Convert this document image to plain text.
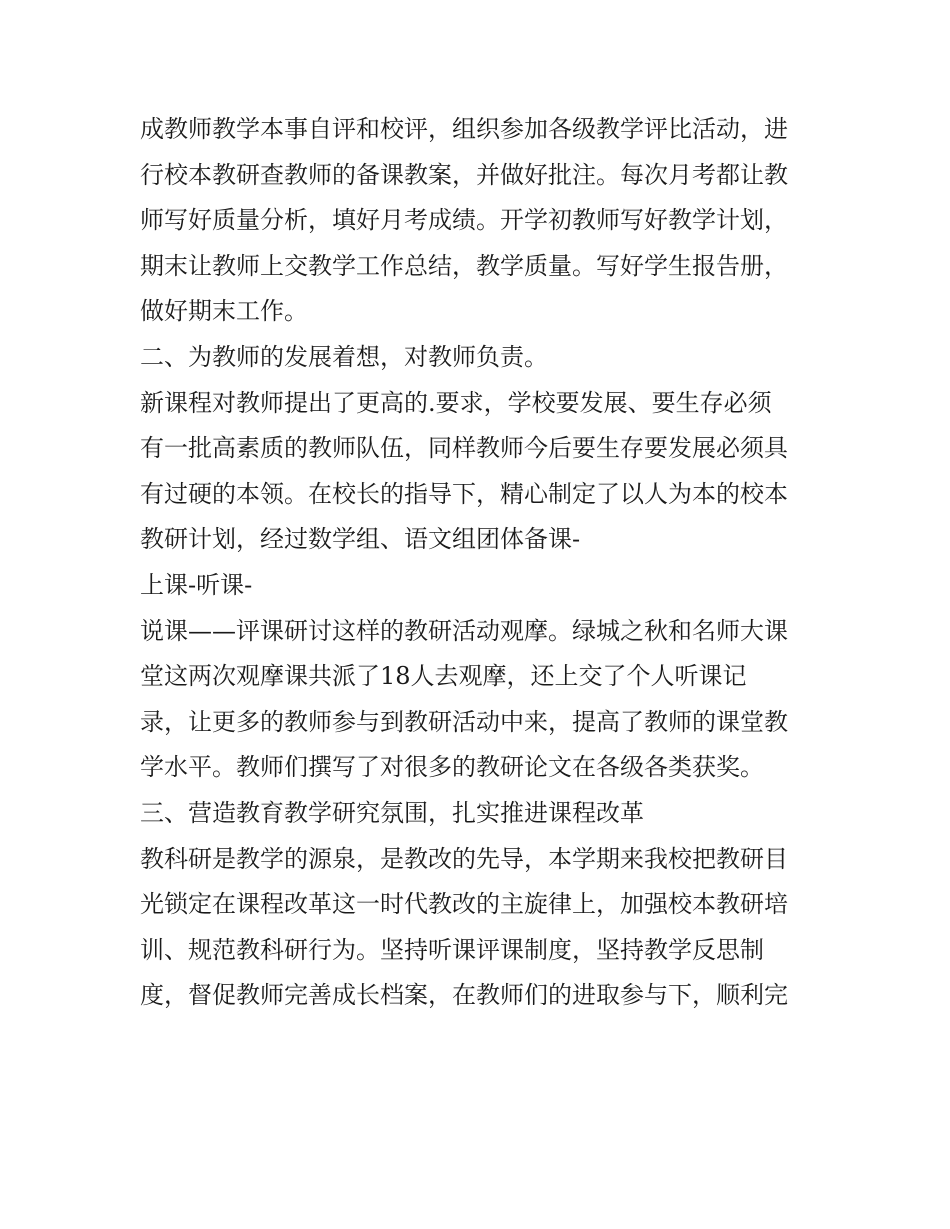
成教师教学本事自评和校评，组织参加各级教学评比活动，进
行校本教研查教师的备课教案，并做好批注。每次月考都让教
师写好质量分析，填好月考成绩。开学初教师写好教学计划，
期末让教师上交教学工作总结，教学质量。写好学生报告册，
做好期末工作。
二、为教师的发展着想，对教师负责。
新课程对教师提出了更高的.要求，学校要发展、要生存必须
有一批高素质的教师队伍，同样教师今后要生存要发展必须具
有过硬的本领。在校长的指导下，精心制定了以人为本的校本
教研计划，经过数学组、语文组团体备课-
上课-听课-
说课——评课研讨这样的教研活动观摩。绿城之秋和名师大课
堂这两次观摩课共派了18人去观摩，还上交了个人听课记
录，让更多的教师参与到教研活动中来，提高了教师的课堂教
学水平。教师们撰写了对很多的教研论文在各级各类获奖。
三、营造教育教学研究氛围，扎实推进课程改革
教科研是教学的源泉，是教改的先导，本学期来我校把教研目
光锁定在课程改革这一时代教改的主旋律上，加强校本教研培
训、规范教科研行为。坚持听课评课制度，坚持教学反思制
度，督促教师完善成长档案，在教师们的进取参与下，顺利完
